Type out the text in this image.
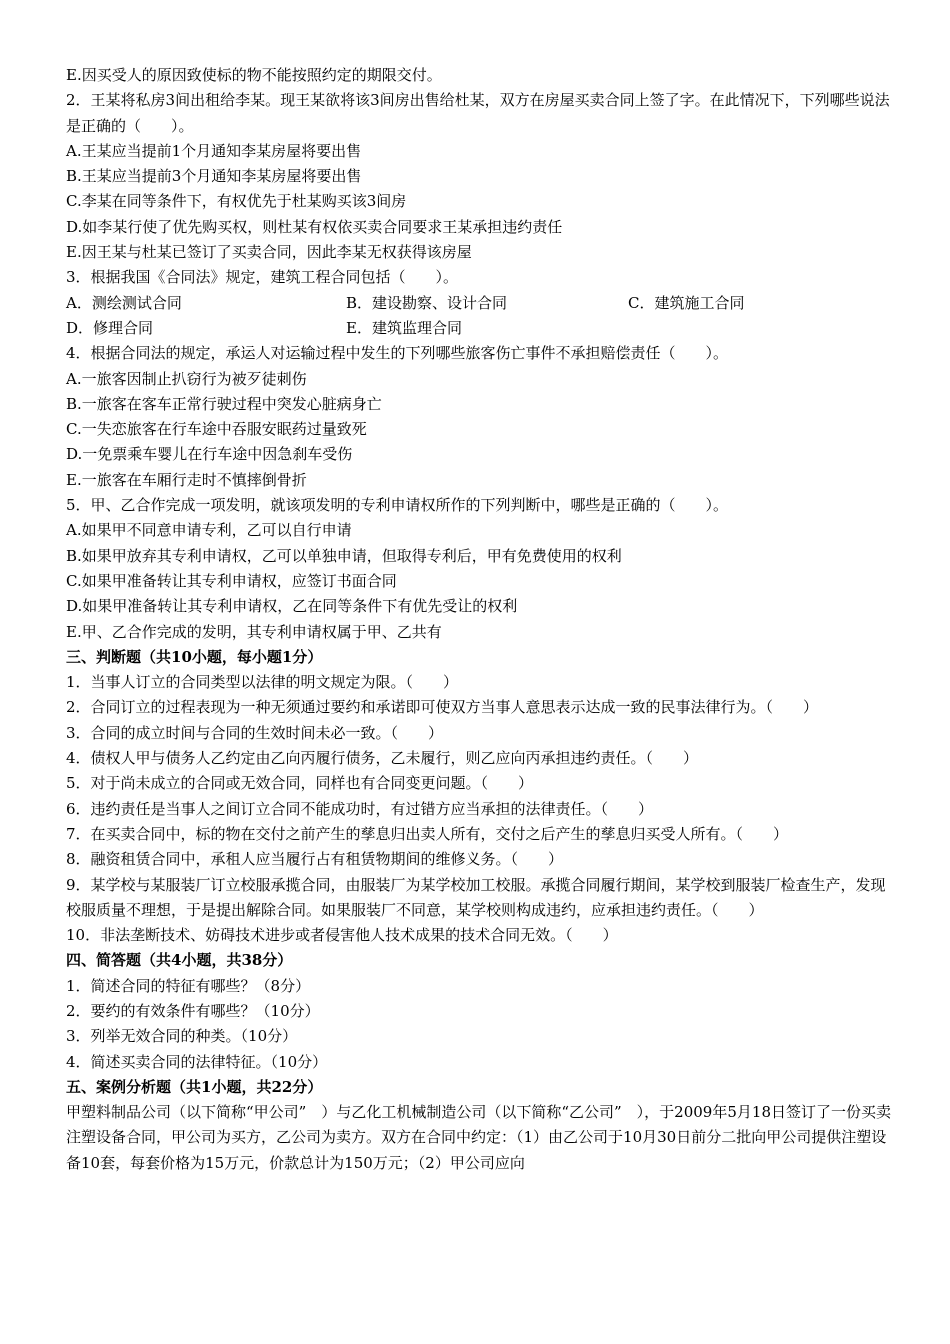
E.因买受人的原因致使标的物不能按照约定的期限交付。
2．王某将私房3间出租给李某。现王某欲将该3间房出售给杜某，双方在房屋买卖合同上签了字。在此情况下，下列哪些说法是正确的（　　）。
A.王某应当提前1个月通知李某房屋将要出售
B.王某应当提前3个月通知李某房屋将要出售
C.李某在同等条件下，有权优先于杜某购买该3间房
D.如李某行使了优先购买权，则杜某有权依买卖合同要求王某承担违约责任
E.因王某与杜某已签订了买卖合同，因此李某无权获得该房屋
3．根据我国《合同法》规定，建筑工程合同包括（　　）。
A．测绘测试合同	B．建设勘察、设计合同	C．建筑施工合同
D．修理合同	E．建筑监理合同
4．根据合同法的规定，承运人对运输过程中发生的下列哪些旅客伤亡事件不承担赔偿责任（　　）。
A.一旅客因制止扒窃行为被歹徒刺伤
B.一旅客在客车正常行驶过程中突发心脏病身亡
C.一失恋旅客在行车途中吞服安眠药过量致死
D.一免票乘车婴儿在行车途中因急刹车受伤
E.一旅客在车厢行走时不慎摔倒骨折
5．甲、乙合作完成一项发明，就该项发明的专利申请权所作的下列判断中，哪些是正确的（　　）。
A.如果甲不同意申请专利，乙可以自行申请
B.如果甲放弃其专利申请权，乙可以单独申请，但取得专利后，甲有免费使用的权利
C.如果甲准备转让其专利申请权，应签订书面合同
D.如果甲准备转让其专利申请权，乙在同等条件下有优先受让的权利
E.甲、乙合作完成的发明，其专利申请权属于甲、乙共有
三、判断题（共10小题，每小题1分）
1．当事人订立的合同类型以法律的明文规定为限。（　　）
2．合同订立的过程表现为一种无须通过要约和承诺即可使双方当事人意思表示达成一致的民事法律行为。（　　）
3．合同的成立时间与合同的生效时间未必一致。（　　）
4．债权人甲与债务人乙约定由乙向丙履行债务，乙未履行，则乙应向丙承担违约责任。（　　）
5．对于尚未成立的合同或无效合同，同样也有合同变更问题。（　　）
6．违约责任是当事人之间订立合同不能成功时，有过错方应当承担的法律责任。（　　）
7．在买卖合同中，标的物在交付之前产生的孳息归出卖人所有，交付之后产生的孳息归买受人所有。（　　）
8．融资租赁合同中，承租人应当履行占有租赁物期间的维修义务。（　　）
9．某学校与某服装厂订立校服承揽合同，由服装厂为某学校加工校服。承揽合同履行期间，某学校到服装厂检查生产，发现校服质量不理想，于是提出解除合同。如果服装厂不同意，某学校则构成违约，应承担违约责任。（　　）
10．非法垄断技术、妨碍技术进步或者侵害他人技术成果的技术合同无效。（　　）
四、简答题（共4小题，共38分）
1．简述合同的特征有哪些？（8分）
2．要约的有效条件有哪些？（10分）
3．列举无效合同的种类。（10分）
4．简述买卖合同的法律特征。（10分）
五、案例分析题（共1小题，共22分）
甲塑料制品公司（以下简称“甲公司”　）与乙化工机械制造公司（以下简称“乙公司”　），于2009年5月18日签订了一份买卖注塑设备合同，甲公司为买方，乙公司为卖方。双方在合同中约定：（1）由乙公司于10月30日前分二批向甲公司提供注塑设备10套，每套价格为15万元，价款总计为150万元；（2）甲公司应向
